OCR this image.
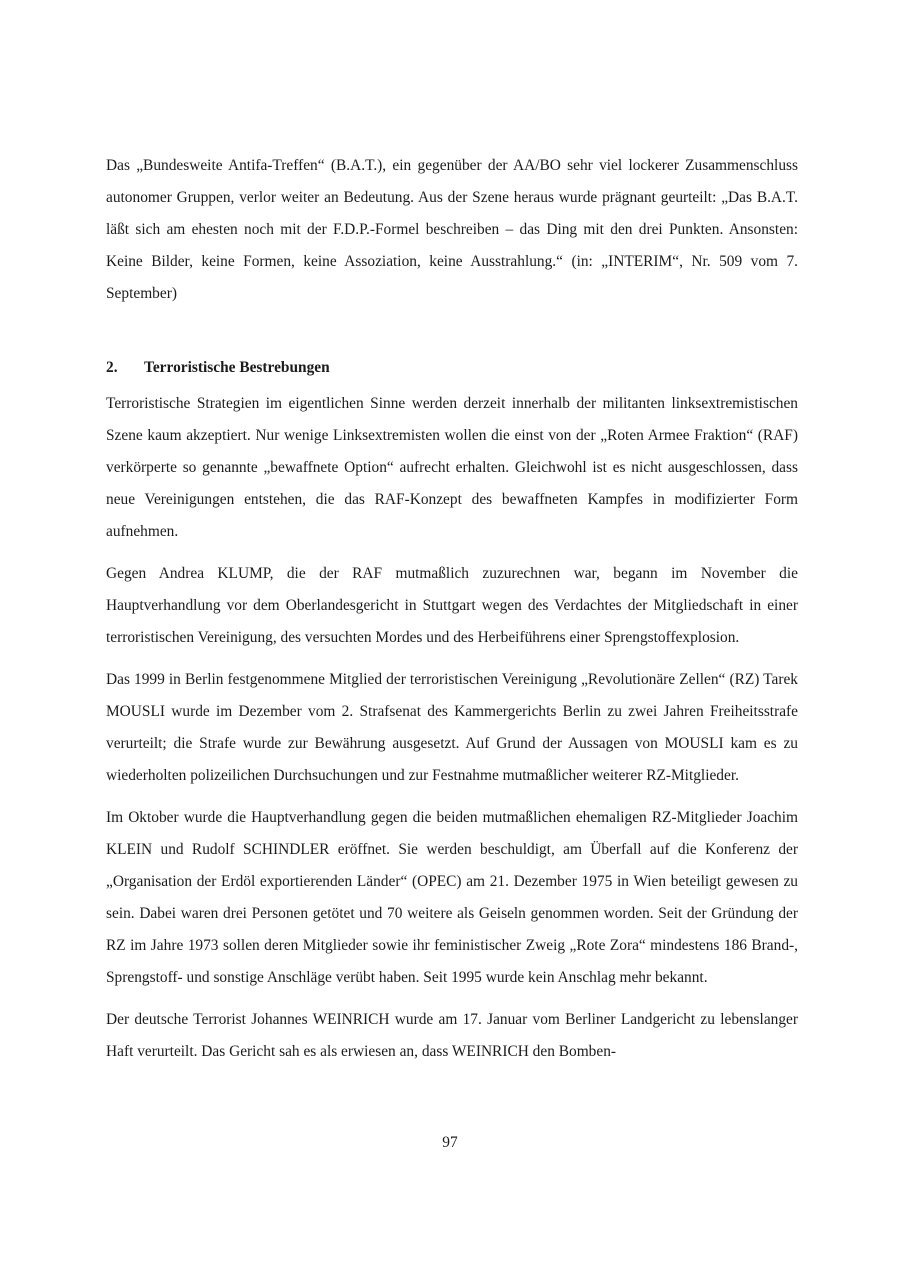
Das „Bundesweite Antifa-Treffen“ (B.A.T.), ein gegenüber der AA/BO sehr viel lockerer Zusammenschluss autonomer Gruppen, verlor weiter an Bedeutung. Aus der Szene heraus wurde prägnant geurteilt: „Das B.A.T. läßt sich am ehesten noch mit der F.D.P.-Formel beschreiben – das Ding mit den drei Punkten. Ansonsten: Keine Bilder, keine Formen, keine Assoziation, keine Ausstrahlung.“ (in: „INTERIM“, Nr. 509 vom 7. September)

2. Terroristische Bestrebungen

Terroristische Strategien im eigentlichen Sinne werden derzeit innerhalb der militanten linksextremistischen Szene kaum akzeptiert. Nur wenige Linksextremisten wollen die einst von der „Roten Armee Fraktion“ (RAF) verkörperte so genannte „bewaffnete Option“ aufrecht erhalten. Gleichwohl ist es nicht ausgeschlossen, dass neue Vereinigungen entstehen, die das RAF-Konzept des bewaffneten Kampfes in modifizierter Form aufnehmen.

Gegen Andrea KLUMP, die der RAF mutmaßlich zuzurechnen war, begann im November die Hauptverhandlung vor dem Oberlandesgericht in Stuttgart wegen des Verdachtes der Mitgliedschaft in einer terroristischen Vereinigung, des versuchten Mordes und des Herbeiführens einer Sprengstoffexplosion.

Das 1999 in Berlin festgenommene Mitglied der terroristischen Vereinigung „Revolutionäre Zellen“ (RZ) Tarek MOUSLI wurde im Dezember vom 2. Strafsenat des Kammergerichts Berlin zu zwei Jahren Freiheitsstrafe verurteilt; die Strafe wurde zur Bewährung ausgesetzt. Auf Grund der Aussagen von MOUSLI kam es zu wiederholten polizeilichen Durchsuchungen und zur Festnahme mutmaßlicher weiterer RZ-Mitglieder.

Im Oktober wurde die Hauptverhandlung gegen die beiden mutmaßlichen ehemaligen RZ-Mitglieder Joachim KLEIN und Rudolf SCHINDLER eröffnet. Sie werden beschuldigt, am Überfall auf die Konferenz der „Organisation der Erdöl exportierenden Länder“ (OPEC) am 21. Dezember 1975 in Wien beteiligt gewesen zu sein. Dabei waren drei Personen getötet und 70 weitere als Geiseln genommen worden. Seit der Gründung der RZ im Jahre 1973 sollen deren Mitglieder sowie ihr feministischer Zweig „Rote Zora“ mindestens 186 Brand-, Sprengstoff- und sonstige Anschläge verübt haben. Seit 1995 wurde kein Anschlag mehr bekannt.

Der deutsche Terrorist Johannes WEINRICH wurde am 17. Januar vom Berliner Landgericht zu lebenslanger Haft verurteilt. Das Gericht sah es als erwiesen an, dass WEINRICH den Bomben-

97
